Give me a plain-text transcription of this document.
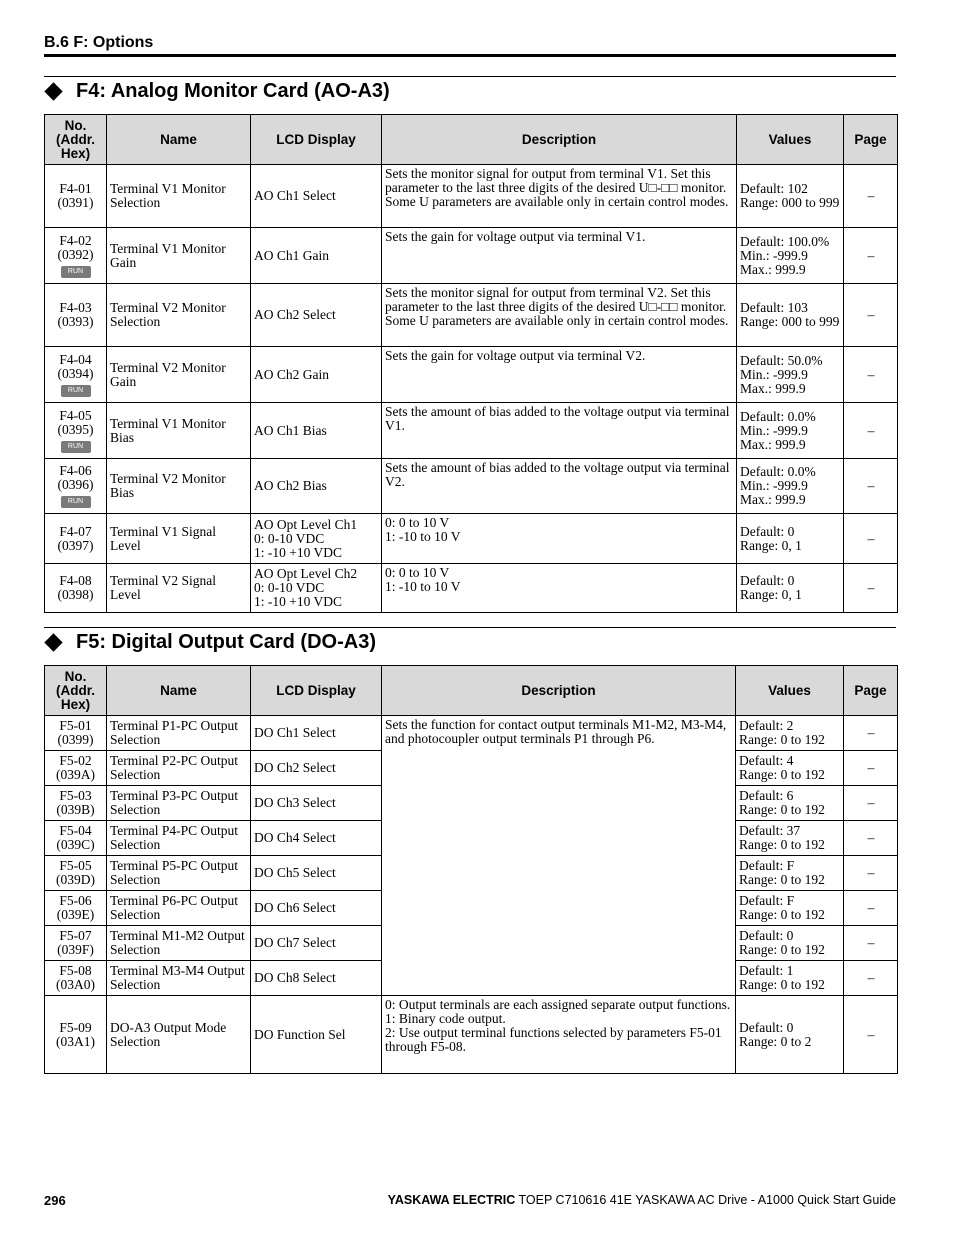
B.6 F: Options
F4: Analog Monitor Card (AO-A3)
No.
(Addr.
Hex)	Name	LCD Display	Description	Values	Page

F4-01
(0391)	Terminal V1 Monitor Selection	AO Ch1 Select	Sets the monitor signal for output from terminal V1. Set this parameter to the last three digits of the desired U□-□□ monitor. Some U parameters are available only in certain control modes.	Default: 102
Range: 000 to 999	–

F4-02
(0392)
RUN	Terminal V1 Monitor Gain	AO Ch1 Gain	Sets the gain for voltage output via terminal V1.	Default: 100.0%
Min.: -999.9
Max.: 999.9	–

F4-03
(0393)	Terminal V2 Monitor Selection	AO Ch2 Select	Sets the monitor signal for output from terminal V2. Set this parameter to the last three digits of the desired U□-□□ monitor. Some U parameters are available only in certain control modes.	Default: 103
Range: 000 to 999	–

F4-04
(0394)
RUN	Terminal V2 Monitor Gain	AO Ch2 Gain	Sets the gain for voltage output via terminal V2.	Default: 50.0%
Min.: -999.9
Max.: 999.9	–

F4-05
(0395)
RUN	Terminal V1 Monitor Bias	AO Ch1 Bias	Sets the amount of bias added to the voltage output via terminal V1.	Default: 0.0%
Min.: -999.9
Max.: 999.9	–

F4-06
(0396)
RUN	Terminal V2 Monitor Bias	AO Ch2 Bias	Sets the amount of bias added to the voltage output via terminal V2.	Default: 0.0%
Min.: -999.9
Max.: 999.9	–

F4-07
(0397)	Terminal V1 Signal Level	AO Opt Level Ch1
0: 0-10 VDC
1: -10 +10 VDC	0: 0 to 10 V
1: -10 to 10 V	Default: 0
Range: 0, 1	–

F4-08
(0398)	Terminal V2 Signal Level	AO Opt Level Ch2
0: 0-10 VDC
1: -10 +10 VDC	0: 0 to 10 V
1: -10 to 10 V	Default: 0
Range: 0, 1	–
F5: Digital Output Card (DO-A3)
No.
(Addr.
Hex)	Name	LCD Display	Description	Values	Page

F5-01
(0399)	Terminal P1-PC Output Selection	DO Ch1 Select	Sets the function for contact output terminals M1-M2, M3-M4, and photocoupler output terminals P1 through P6.	Default: 2
Range: 0 to 192	–

F5-02
(039A)	Terminal P2-PC Output Selection	DO Ch2 Select		Default: 4
Range: 0 to 192	–

F5-03
(039B)	Terminal P3-PC Output Selection	DO Ch3 Select		Default: 6
Range: 0 to 192	–

F5-04
(039C)	Terminal P4-PC Output Selection	DO Ch4 Select		Default: 37
Range: 0 to 192	–

F5-05
(039D)	Terminal P5-PC Output Selection	DO Ch5 Select		Default: F
Range: 0 to 192	–

F5-06
(039E)	Terminal P6-PC Output Selection	DO Ch6 Select		Default: F
Range: 0 to 192	–

F5-07
(039F)	Terminal M1-M2 Output Selection	DO Ch7 Select		Default: 0
Range: 0 to 192	–

F5-08
(03A0)	Terminal M3-M4 Output Selection	DO Ch8 Select		Default: 1
Range: 0 to 192	–

F5-09
(03A1)	DO-A3 Output Mode Selection	DO Function Sel	0: Output terminals are each assigned separate output functions.
1: Binary code output.
2: Use output terminal functions selected by parameters F5-01 through F5-08.	Default: 0
Range: 0 to 2	–
296	YASKAWA ELECTRIC TOEP C710616 41E YASKAWA AC Drive - A1000 Quick Start Guide
